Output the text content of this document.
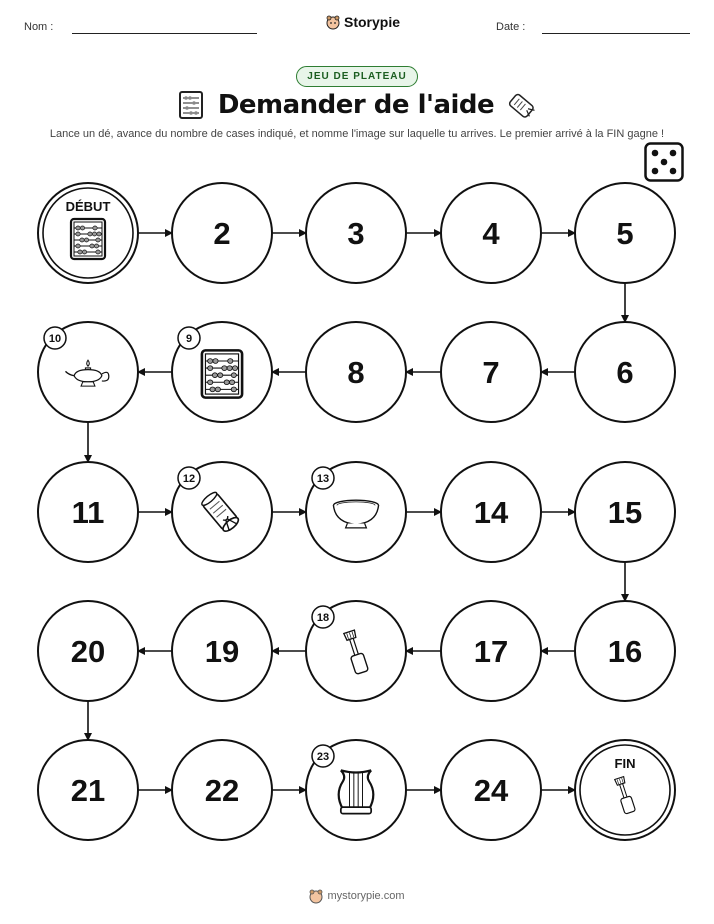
Nom :	Storypie	Date :
JEU DE PLATEAU
Demander de l'aide
Lance un dé, avance du nombre de cases indiqué, et nomme l'image sur laquelle tu arrives. Le premier arrivé à la FIN gagne !
DÉBUT
2	3	4	5
6
7
8
9
10
11
12	13
14	15
16
17
18
19
20
21	22
23
24
FIN
mystorypie.com
